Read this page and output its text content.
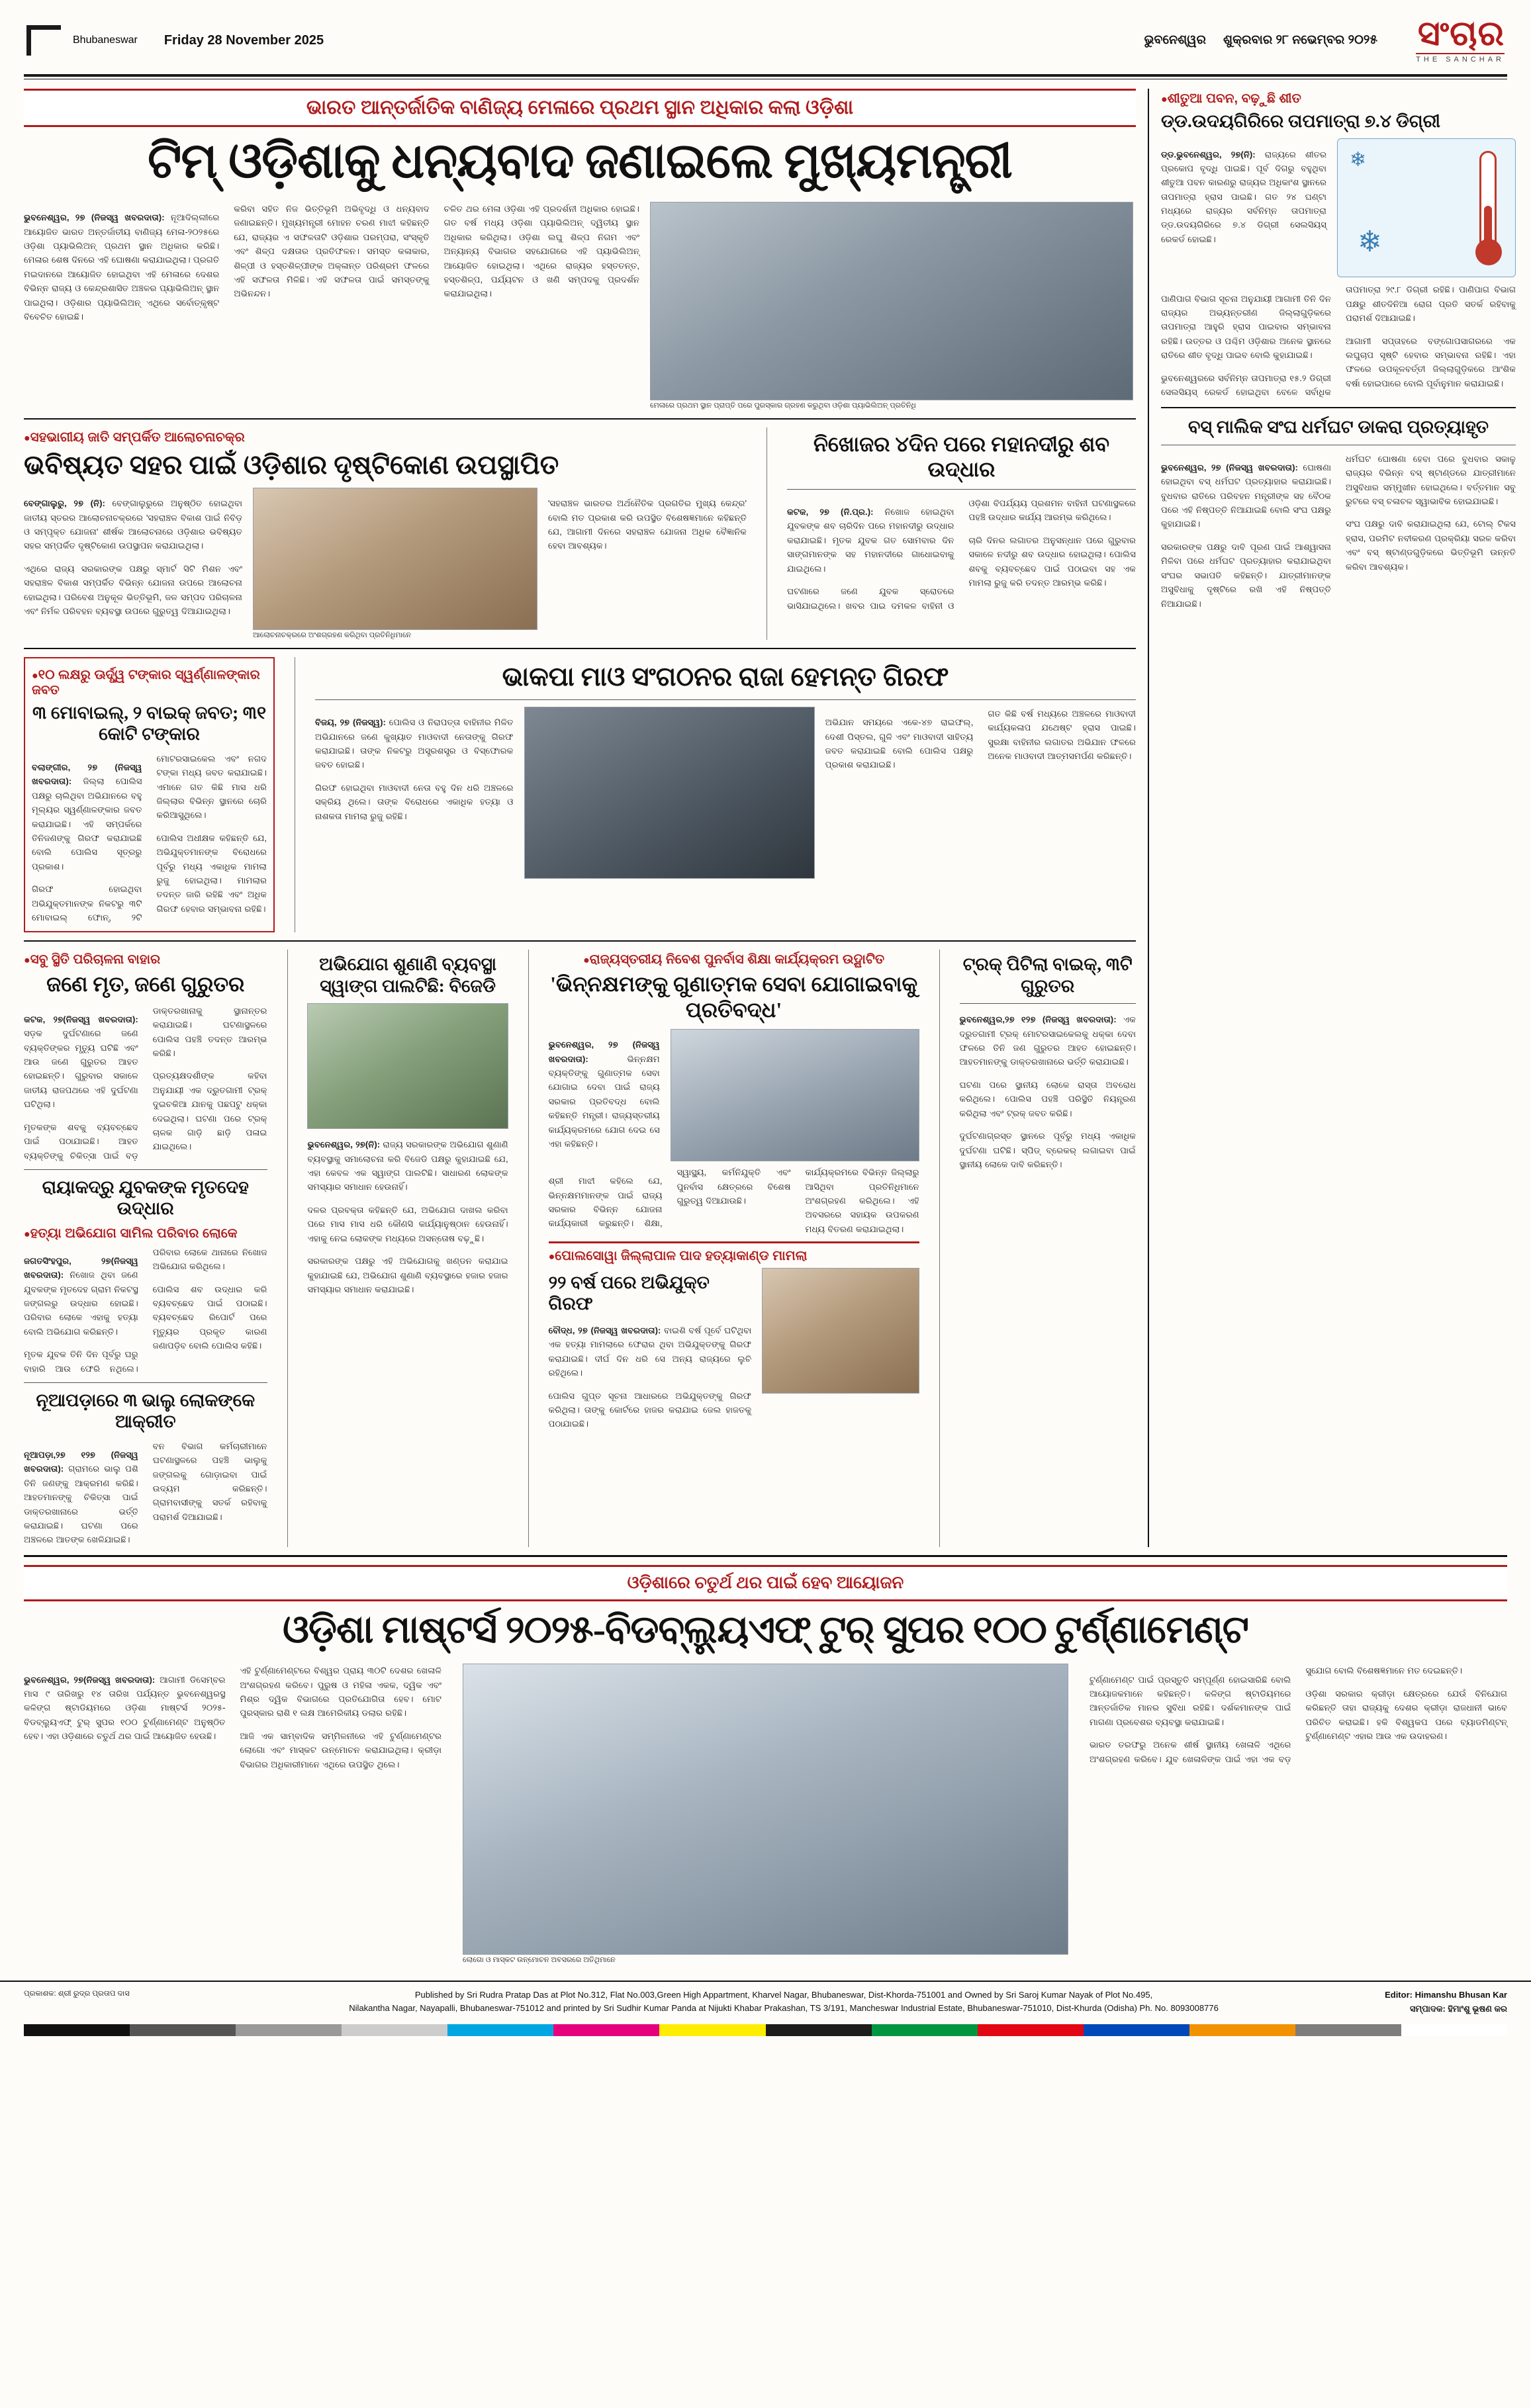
Bhubaneswar Friday 28 November 2025	ଭୁବନେଶ୍ୱର ଶୁକ୍ରବାର ୨୮ ନଭେମ୍ବର ୨୦୨୫ ସଂଚାର
THE SANCHAR
ଭାରତ ଆନ୍ତର୍ଜାତିକ ବାଣିଜ୍ୟ ମେଳାରେ ପ୍ରଥମ ସ୍ଥାନ ଅଧିକାର କଲା ଓଡ଼ିଶା
ଟିମ୍ ଓଡ଼ିଶାକୁ ଧନ୍ୟବାଦ ଜଣାଇଲେ ମୁଖ୍ୟମନ୍ତ୍ରୀ

ଭୁବନେଶ୍ୱର, ୨୭ (ନିଜସ୍ୱ ଖବରଦାତା): ନୂଆଦିଲ୍ଲୀରେ ଆୟୋଜିତ ଭାରତ ଅନ୍ତର୍ଜାତୀୟ ବାଣିଜ୍ୟ ମେଳା-୨୦୨୫ରେ ଓଡ଼ିଶା ପ୍ୟାଭିଲିଅନ୍ ପ୍ରଥମ ସ୍ଥାନ ଅଧିକାର କରିଛି। ମେଳାର ଶେଷ ଦିନରେ ଏହି ଘୋଷଣା କରାଯାଇଥିଲା। ପ୍ରଗତି ମଇଦାନରେ ଆୟୋଜିତ ହୋଇଥିବା ଏହି ମେଳାରେ ଦେଶର ବିଭିନ୍ନ ରାଜ୍ୟ ଓ କେନ୍ଦ୍ରଶାସିତ ଅଞ୍ଚଳର ପ୍ୟାଭିଲିଅନ୍ ସ୍ଥାନ ପାଇଥିଲା। ଓଡ଼ିଶାର ପ୍ୟାଭିଲିଅନ୍ ଏଥିରେ ସର୍ବୋତ୍କୃଷ୍ଟ ବିବେଚିତ ହୋଇଛି।

କରିବା ସହିତ ନିଜ ଭିତ୍ତିଭୂମି ଅଭିବୃଦ୍ଧି ଓ ଧନ୍ୟବାଦ ଜଣାଇଛନ୍ତି। ମୁଖ୍ୟମନ୍ତ୍ରୀ ମୋହନ ଚରଣ ମାଝୀ କହିଛନ୍ତି ଯେ, ରାଜ୍ୟର ଏ ସଫଳତାଟି ଓଡ଼ିଶାର ପରମ୍ପରା, ସଂସ୍କୃତି ଏବଂ ଶିଳ୍ପ ଦକ୍ଷତାର ପ୍ରତିଫଳନ। ସମସ୍ତ କଳାକାର, ଶିଳ୍ପୀ ଓ ହସ୍ତଶିଳ୍ପୀଙ୍କ ଅକ୍ଳାନ୍ତ ପରିଶ୍ରମ ଫଳରେ ଏହି ସଫଳତା ମିଳିଛି। ଏହି ସଫଳତା ପାଇଁ ସମସ୍ତଙ୍କୁ ଅଭିନନ୍ଦନ।

ଚଳିତ ଥର ମେଳା ଓଡ଼ିଶା ଏହି ପ୍ରଦର୍ଶନୀ ଅଧିକାର ହୋଇଛି। ଗତ ବର୍ଷ ମଧ୍ୟ ଓଡ଼ିଶା ପ୍ୟାଭିଲିଅନ୍ ଦ୍ୱିତୀୟ ସ୍ଥାନ ଅଧିକାର କରିଥିଲା। ଓଡ଼ିଶା ଲଘୁ ଶିଳ୍ପ ନିଗମ ଏବଂ ଅନ୍ୟାନ୍ୟ ବିଭାଗର ସହଯୋଗରେ ଏହି ପ୍ୟାଭିଲିଅନ୍ ଆୟୋଜିତ ହୋଇଥିଲା। ଏଥିରେ ରାଜ୍ୟର ହସ୍ତତନ୍ତ, ହସ୍ତଶିଳ୍ପ, ପର୍ଯ୍ୟଟନ ଓ ଖଣି ସମ୍ପଦକୁ ପ୍ରଦର୍ଶନ କରାଯାଇଥିଲା।

ମେଳାରେ ପ୍ରଥମ ସ୍ଥାନ ପ୍ରାପ୍ତି ପରେ ପୁରସ୍କାର ଗ୍ରହଣ କରୁଥିବା ଓଡ଼ିଶା ପ୍ୟାଭିଲିଅନ୍ ପ୍ରତିନିଧି
● ସହଭାଗୀୟ ଜାତି ସମ୍ପର୍କିତ ଆଲୋଚନାଚକ୍ର
ଭବିଷ୍ୟତ ସହର ପାଇଁ ଓଡ଼ିଶାର ଦୃଷ୍ଟିକୋଣ ଉପସ୍ଥାପିତ

ବେଙ୍ଗାଲୁରୁ, ୨୭ (ନି): ବେଙ୍ଗାଲୁରୁରେ ଅନୁଷ୍ଠିତ ହୋଇଥିବା ଜାତୀୟ ସ୍ତରର ଆଲୋଚନାଚକ୍ରରେ 'ସହରାଞ୍ଚଳ ବିକାଶ ପାଇଁ ନିବିଡ଼ ଓ ସମ୍ପୃକ୍ତ ଯୋଜନା' ଶୀର୍ଷକ ଆଲୋଚନାରେ ଓଡ଼ିଶାର ଭବିଷ୍ୟତ ସହର ସମ୍ପର୍କିତ ଦୃଷ୍ଟିକୋଣ ଉପସ୍ଥାପନ କରାଯାଇଥିଲା।

ଏଥିରେ ରାଜ୍ୟ ସରକାରଙ୍କ ପକ୍ଷରୁ ସ୍ମାର୍ଟ ସିଟି ମିଶନ ଏବଂ ସହରାଞ୍ଚଳ ବିକାଶ ସମ୍ପର୍କିତ ବିଭିନ୍ନ ଯୋଜନା ଉପରେ ଆଲୋଚନା ହୋଇଥିଲା। ପରିବେଶ ଅନୁକୂଳ ଭିତ୍ତିଭୂମି, ଜଳ ସମ୍ପଦ ପରିଚାଳନା ଏବଂ ନିର୍ମଳ ପରିବହନ ବ୍ୟବସ୍ଥା ଉପରେ ଗୁରୁତ୍ୱ ଦିଆଯାଇଥିଲା।

ଆଲୋଚନାଚକ୍ରରେ ଅଂଶଗ୍ରହଣ କରିଥିବା ପ୍ରତିନିଧିମାନେ

'ସହରାଞ୍ଚଳ ଭାରତର ଅର୍ଥନୈତିକ ପ୍ରଗତିର ମୁଖ୍ୟ କେନ୍ଦ୍ର' ବୋଲି ମତ ପ୍ରକାଶ କରି ଉପସ୍ଥିତ ବିଶେଷଜ୍ଞମାନେ କହିଛନ୍ତି ଯେ, ଆଗାମୀ ଦିନରେ ସହରାଞ୍ଚଳ ଯୋଜନା ଅଧିକ ବୈଜ୍ଞାନିକ ହେବା ଆବଶ୍ୟକ।

ନିଖୋଜର ୪ଦିନ ପରେ ମହାନଦୀରୁ ଶବ ଉଦ୍ଧାର

କଟକ, ୨୭ (ନି.ପ୍ର.): ନିଖୋଜ ହୋଇଥିବା ଯୁବକଙ୍କ ଶବ ଚାରିଦିନ ପରେ ମହାନଦୀରୁ ଉଦ୍ଧାର କରାଯାଇଛି। ମୃତକ ଯୁବକ ଗତ ସୋମବାର ଦିନ ସାଙ୍ଗମାନଙ୍କ ସହ ମହାନଦୀରେ ଗାଧୋଇବାକୁ ଯାଇଥିଲେ।

ଘଟଣାରେ ଜଣେ ଯୁବକ ସ୍ରୋତରେ ଭାସିଯାଇଥିଲେ। ଖବର ପାଇ ଦମକଳ ବାହିନୀ ଓ ଓଡ଼ିଶା ବିପର୍ଯ୍ୟୟ ପ୍ରଶମନ ବାହିନୀ ଘଟଣାସ୍ଥଳରେ ପହଞ୍ଚି ଉଦ୍ଧାର କାର୍ଯ୍ୟ ଆରମ୍ଭ କରିଥିଲେ।

ଚାରି ଦିନର ଲଗାତର ଅନୁସନ୍ଧାନ ପରେ ଗୁରୁବାର ସକାଳେ ନଦୀରୁ ଶବ ଉଦ୍ଧାର ହୋଇଥିଲା। ପୋଲିସ ଶବକୁ ବ୍ୟବଚ୍ଛେଦ ପାଇଁ ପଠାଇବା ସହ ଏକ ମାମଲା ରୁଜୁ କରି ତଦନ୍ତ ଆରମ୍ଭ କରିଛି।

● ୧୦ ଲକ୍ଷରୁ ଊର୍ଦ୍ଧ୍ୱ ଟଙ୍କାର ସ୍ୱର୍ଣ୍ଣାଳଙ୍କାର ଜବତ
୩ ମୋବାଇଲ୍, ୨ ବାଇକ୍ ଜବତ; ୩୧ କୋଟି ଟଙ୍କାର

ବଲାଙ୍ଗୀର, ୨୭ (ନିଜସ୍ୱ ଖବରଦାତା): ଜିଲ୍ଲା ପୋଲିସ ପକ୍ଷରୁ ଚାଲିଥିବା ଅଭିଯାନରେ ବହୁ ମୂଲ୍ୟର ସ୍ୱର୍ଣ୍ଣାଳଙ୍କାର ଜବତ କରାଯାଇଛି। ଏହି ସମ୍ପର୍କରେ ତିନିଜଣଙ୍କୁ ଗିରଫ କରାଯାଇଛି ବୋଲି ପୋଲିସ ସୂତ୍ରରୁ ପ୍ରକାଶ।

ଗିରଫ ହୋଇଥିବା ଅଭିଯୁକ୍ତମାନଙ୍କ ନିକଟରୁ ୩ଟି ମୋବାଇଲ୍ ଫୋନ୍, ୨ଟି ମୋଟରସାଇକେଲ ଏବଂ ନଗଦ ଟଙ୍କା ମଧ୍ୟ ଜବତ କରାଯାଇଛି। ଏମାନେ ଗତ କିଛି ମାସ ଧରି ଜିଲ୍ଲାର ବିଭିନ୍ନ ସ୍ଥାନରେ ଚୋରି କରିଆସୁଥିଲେ।

ପୋଲିସ ଅଧୀକ୍ଷକ କହିଛନ୍ତି ଯେ, ଅଭିଯୁକ୍ତମାନଙ୍କ ବିରୋଧରେ ପୂର୍ବରୁ ମଧ୍ୟ ଏକାଧିକ ମାମଲା ରୁଜୁ ହୋଇଥିଲା। ମାମଲାର ତଦନ୍ତ ଜାରି ରହିଛି ଏବଂ ଅଧିକ ଗିରଫ ହେବାର ସମ୍ଭାବନା ରହିଛି।

ଭାକପା ମାଓ ସଂଗଠନର ରାଜା ହେମନ୍ତ ଗିରଫ

ବିଜୟ, ୨୭ (ନିଜସ୍ୱ): ପୋଲିସ ଓ ନିରାପତ୍ତା ବାହିନୀର ମିଳିତ ଅଭିଯାନରେ ଜଣେ କୁଖ୍ୟାତ ମାଓବାଦୀ ନେତାଙ୍କୁ ଗିରଫ କରାଯାଇଛି। ତାଙ୍କ ନିକଟରୁ ଅସ୍ତ୍ରଶସ୍ତ୍ର ଓ ବିସ୍ଫୋରକ ଜବତ ହୋଇଛି।

ଗିରଫ ହୋଇଥିବା ମାଓବାଦୀ ନେତା ବହୁ ଦିନ ଧରି ଅଞ୍ଚଳରେ ସକ୍ରିୟ ଥିଲେ। ତାଙ୍କ ବିରୋଧରେ ଏକାଧିକ ହତ୍ୟା ଓ ନାଶକତା ମାମଲା ରୁଜୁ ରହିଛି।

ଅଭିଯାନ ସମୟରେ ଏକେ-୪୭ ରାଇଫଲ୍, ଦେଶୀ ପିସ୍ତଲ, ଗୁଳି ଏବଂ ମାଓବାଦୀ ସାହିତ୍ୟ ଜବତ କରାଯାଇଛି ବୋଲି ପୋଲିସ ପକ୍ଷରୁ ପ୍ରକାଶ କରାଯାଇଛି।

ଗତ କିଛି ବର୍ଷ ମଧ୍ୟରେ ଅଞ୍ଚଳରେ ମାଓବାଦୀ କାର୍ଯ୍ୟକଳାପ ଯଥେଷ୍ଟ ହ୍ରାସ ପାଇଛି। ସୁରକ୍ଷା ବାହିନୀର ଲଗାତର ଅଭିଯାନ ଫଳରେ ଅନେକ ମାଓବାଦୀ ଆତ୍ମସମର୍ପଣ କରିଛନ୍ତି।

● ସବୁ ସ୍ଥିତି ପରିଚାଳନା ବାହାର
ଜଣେ ମୃତ, ଜଣେ ଗୁରୁତର

କଟକ, ୨୭(ନିଜସ୍ୱ ଖବରଦାତା): ସଡ଼କ ଦୁର୍ଘଟଣାରେ ଜଣେ ବ୍ୟକ୍ତିଙ୍କର ମୃତ୍ୟୁ ଘଟିଛି ଏବଂ ଆଉ ଜଣେ ଗୁରୁତର ଆହତ ହୋଇଛନ୍ତି। ଗୁରୁବାର ସକାଳେ ଜାତୀୟ ରାଜପଥରେ ଏହି ଦୁର୍ଘଟଣା ଘଟିଥିଲା।

ମୃତକଙ୍କ ଶବକୁ ବ୍ୟବଚ୍ଛେଦ ପାଇଁ ପଠାଯାଇଛି। ଆହତ ବ୍ୟକ୍ତିଙ୍କୁ ଚିକିତ୍ସା ପାଇଁ ବଡ଼ ଡାକ୍ତରଖାନାକୁ ସ୍ଥାନାନ୍ତର କରାଯାଇଛି। ଘଟଣାସ୍ଥଳରେ ପୋଲିସ ପହଞ୍ଚି ତଦନ୍ତ ଆରମ୍ଭ କରିଛି।

ପ୍ରତ୍ୟକ୍ଷଦର୍ଶୀଙ୍କ କହିବା ଅନୁଯାୟୀ ଏକ ଦ୍ରୁତଗାମୀ ଟ୍ରକ୍ ଦୁଇଚକିଆ ଯାନକୁ ପଛପଟୁ ଧକ୍କା ଦେଇଥିଲା। ଘଟଣା ପରେ ଟ୍ରକ୍ ଚାଳକ ଗାଡ଼ି ଛାଡ଼ି ପଳାଇ ଯାଇଥିଲେ।

ରାୟାକଦ୍ରୁ ଯୁବକଙ୍କ ମୃତଦେହ ଉଦ୍ଧାର
● ହତ୍ୟା ଅଭିଯୋଗ ସାମିଲ ପରିବାର ଲୋକେ

ଜଗତସିଂହପୁର, ୨୭(ନିଜସ୍ୱ ଖବରଦାତା): ନିଖୋଜ ଥିବା ଜଣେ ଯୁବକଙ୍କ ମୃତଦେହ ଗ୍ରାମ ନିକଟସ୍ଥ ଜଙ୍ଗଲରୁ ଉଦ୍ଧାର ହୋଇଛି। ପରିବାର ଲୋକେ ଏହାକୁ ହତ୍ୟା ବୋଲି ଅଭିଯୋଗ କରିଛନ୍ତି।

ମୃତକ ଯୁବକ ତିନି ଦିନ ପୂର୍ବରୁ ଘରୁ ବାହାରି ଆଉ ଫେରି ନଥିଲେ। ପରିବାର ଲୋକେ ଥାନାରେ ନିଖୋଜ ଅଭିଯୋଗ କରିଥିଲେ।

ପୋଲିସ ଶବ ଉଦ୍ଧାର କରି ବ୍ୟବଚ୍ଛେଦ ପାଇଁ ପଠାଇଛି। ବ୍ୟବଚ୍ଛେଦ ରିପୋର୍ଟ ପରେ ମୃତ୍ୟୁର ପ୍ରକୃତ କାରଣ ଜଣାପଡ଼ିବ ବୋଲି ପୋଲିସ କହିଛି।

ନୂଆପଡ଼ାରେ ୩ ଭାଲୁ ଲୋକଙ୍କେ ଆକ୍ରୀତ

ନୂଆପଡ଼ା,୨୭ ୧୨୭ (ନିଜସ୍ୱ ଖବରଦାତା): ଗ୍ରାମରେ ଭାଲୁ ପଶି ତିନି ଜଣଙ୍କୁ ଆକ୍ରମଣ କରିଛି। ଆହତମାନଙ୍କୁ ଚିକିତ୍ସା ପାଇଁ ଡାକ୍ତରଖାନାରେ ଭର୍ତ୍ତି କରାଯାଇଛି। ଘଟଣା ପରେ ଅଞ୍ଚଳରେ ଆତଙ୍କ ଖେଳିଯାଇଛି।

ବନ ବିଭାଗ କର୍ମଚାରୀମାନେ ଘଟଣାସ୍ଥଳରେ ପହଞ୍ଚି ଭାଲୁକୁ ଜଙ୍ଗଲକୁ ଗୋଡ଼ାଇବା ପାଇଁ ଉଦ୍ୟମ କରିଛନ୍ତି। ଗ୍ରାମବାସୀଙ୍କୁ ସତର୍କ ରହିବାକୁ ପରାମର୍ଶ ଦିଆଯାଇଛି।

ଅଭିଯୋଗ ଶୁଣାଣି ବ୍ୟବସ୍ଥା ସ୍ୱାଙ୍ଗ ପାଲଟିଛି: ବିଜେଡି

ଭୁବନେଶ୍ୱର, ୨୭(ନି): ରାଜ୍ୟ ସରକାରଙ୍କ ଅଭିଯୋଗ ଶୁଣାଣି ବ୍ୟବସ୍ଥାକୁ ସମାଲୋଚନା କରି ବିଜେଡି ପକ୍ଷରୁ କୁହାଯାଇଛି ଯେ, ଏହା କେବଳ ଏକ ସ୍ୱାଙ୍ଗ ପାଲଟିଛି। ସାଧାରଣ ଲୋକଙ୍କ ସମସ୍ୟାର ସମାଧାନ ହେଉନାହିଁ।

ଦଳର ପ୍ରବକ୍ତା କହିଛନ୍ତି ଯେ, ଅଭିଯୋଗ ଦାଖଲ କରିବା ପରେ ମାସ ମାସ ଧରି କୌଣସି କାର୍ଯ୍ୟାନୁଷ୍ଠାନ ହେଉନାହିଁ। ଏହାକୁ ନେଇ ଲୋକଙ୍କ ମଧ୍ୟରେ ଅସନ୍ତୋଷ ବଢ଼ୁଛି।

ସରକାରଙ୍କ ପକ୍ଷରୁ ଏହି ଅଭିଯୋଗକୁ ଖଣ୍ଡନ କରାଯାଇ କୁହାଯାଇଛି ଯେ, ଅଭିଯୋଗ ଶୁଣାଣି ବ୍ୟବସ୍ଥାରେ ହଜାର ହଜାର ସମସ୍ୟାର ସମାଧାନ କରାଯାଇଛି।

● ରାଜ୍ୟସ୍ତରୀୟ ନିବେଶ ପୁନର୍ବାସ ଶିକ୍ଷା କାର୍ଯ୍ୟକ୍ରମ ଉଦ୍ଘାଟିତ
'ଭିନ୍ନକ୍ଷମଙ୍କୁ ଗୁଣାତ୍ମକ ସେବା ଯୋଗାଇବାକୁ ପ୍ରତିବଦ୍ଧ'

ଭୁବନେଶ୍ୱର, ୨୭ (ନିଜସ୍ୱ ଖବରଦାତା):	ଭିନ୍ନକ୍ଷମ ବ୍ୟକ୍ତିଙ୍କୁ ଗୁଣାତ୍ମକ ସେବା ଯୋଗାଇ ଦେବା ପାଇଁ ରାଜ୍ୟ ସରକାର ପ୍ରତିବଦ୍ଧ ବୋଲି କହିଛନ୍ତି ମନ୍ତ୍ରୀ। ରାଜ୍ୟସ୍ତରୀୟ କାର୍ଯ୍ୟକ୍ରମରେ ଯୋଗ ଦେଇ ସେ ଏହା କହିଛନ୍ତି।

ଶ୍ରୀ ମାଝୀ କହିଲେ ଯେ, ଭିନ୍ନକ୍ଷମମାନଙ୍କ ପାଇଁ ରାଜ୍ୟ ସରକାର ବିଭିନ୍ନ ଯୋଜନା କାର୍ଯ୍ୟକାରୀ କରୁଛନ୍ତି। ଶିକ୍ଷା, ସ୍ୱାସ୍ଥ୍ୟ, କର୍ମନିଯୁକ୍ତି ଏବଂ ପୁନର୍ବାସ କ୍ଷେତ୍ରରେ ବିଶେଷ ଗୁରୁତ୍ୱ ଦିଆଯାଉଛି।

କାର୍ଯ୍ୟକ୍ରମରେ ବିଭିନ୍ନ ଜିଲ୍ଲାରୁ ଆସିଥିବା ପ୍ରତିନିଧିମାନେ ଅଂଶଗ୍ରହଣ କରିଥିଲେ। ଏହି ଅବସରରେ ସହାୟକ ଉପକରଣ ମଧ୍ୟ ବିତରଣ କରାଯାଇଥିଲା।

● ପୋଲସୋୱା ଜିଲ୍ଲାପାଳ ପାଦ ହତ୍ୟାକାଣ୍ଡ ମାମଲା
୨୨ ବର୍ଷ ପରେ ଅଭିଯୁକ୍ତ ଗିରଫ

ବୌଦ୍ଧ, ୨୭ (ନିଜସ୍ୱ ଖବରଦାତା): ବାଇଶି ବର୍ଷ ପୂର୍ବେ ଘଟିଥିବା ଏକ ହତ୍ୟା ମାମଲାରେ ଫେରାର ଥିବା ଅଭିଯୁକ୍ତଙ୍କୁ ଗିରଫ କରାଯାଇଛି। ଦୀର୍ଘ ଦିନ ଧରି ସେ ଅନ୍ୟ ରାଜ୍ୟରେ ଲୁଚି ରହିଥିଲେ।

ପୋଲିସ ଗୁପ୍ତ ସୂଚନା ଆଧାରରେ ଅଭିଯୁକ୍ତଙ୍କୁ ଗିରଫ କରିଥିଲା। ତାଙ୍କୁ କୋର୍ଟରେ ହାଜର କରାଯାଇ ଜେଲ ହାଜତକୁ ପଠାଯାଇଛି।

ଟ୍ରକ୍ ପିଟିଲା ବାଇକ୍, ୩ଟି ଗୁରୁତର

ଭୁବନେଶ୍ୱର,୨୭ ୧୨୭ (ନିଜସ୍ୱ ଖବରଦାତା): ଏକ ଦ୍ରୁତଗାମୀ ଟ୍ରକ୍ ମୋଟରସାଇକେଲକୁ ଧକ୍କା ଦେବା ଫଳରେ ତିନି ଜଣ ଗୁରୁତର ଆହତ ହୋଇଛନ୍ତି। ଆହତମାନଙ୍କୁ ଡାକ୍ତରଖାନାରେ ଭର୍ତ୍ତି କରାଯାଇଛି।

ଘଟଣା ପରେ ସ୍ଥାନୀୟ ଲୋକେ ରାସ୍ତା ଅବରୋଧ କରିଥିଲେ। ପୋଲିସ ପହଞ୍ଚି ପରିସ୍ଥିତି ନିୟନ୍ତ୍ରଣ କରିଥିଲା ଏବଂ ଟ୍ରକ୍ ଜବତ କରିଛି।

ଦୁର୍ଘଟଣାଗ୍ରସ୍ତ ସ୍ଥାନରେ ପୂର୍ବରୁ ମଧ୍ୟ ଏକାଧିକ ଦୁର୍ଘଟଣା ଘଟିଛି। ସ୍ପିଡ୍ ବ୍ରେକର୍ ଲଗାଇବା ପାଇଁ ସ୍ଥାନୀୟ ଲୋକେ ଦାବି କରିଛନ୍ତି।

● ଶୀତୁଆ ପବନ, ବଢ଼ୁଛି ଶୀତ
ଡ୍ଡ.ଉଦୟଗିରିରେ ତାପମାତ୍ରା ୭.୪ ଡିଗ୍ରୀ

ଡ୍ଡ.ଭୁବନେଶ୍ୱର, ୨୭(ନି): ରାଜ୍ୟରେ ଶୀତର ପ୍ରକୋପ ବୃଦ୍ଧି ପାଇଛି। ପୂର୍ବ ଦିଗରୁ ବହୁଥିବା ଶୀତୁଆ ପବନ କାରଣରୁ ରାଜ୍ୟର ଅଧିକାଂଶ ସ୍ଥାନରେ ତାପମାତ୍ରା ହ୍ରାସ ପାଇଛି। ଗତ ୨୪ ଘଣ୍ଟା ମଧ୍ୟରେ ରାଜ୍ୟର ସର୍ବନିମ୍ନ ତାପମାତ୍ରା ଡ୍ଡ.ଉଦୟଗିରିରେ ୭.୪ ଡିଗ୍ରୀ ସେଲସିୟସ୍ ରେକର୍ଡ ହୋଇଛି।

❄
❄

ପାଣିପାଗ ବିଭାଗ ସୂଚନା ଅନୁଯାୟୀ ଆଗାମୀ ତିନି ଦିନ ରାଜ୍ୟର ଅଭ୍ୟନ୍ତରୀଣ ଜିଲ୍ଲାଗୁଡ଼ିକରେ ତାପମାତ୍ରା ଆହୁରି ହ୍ରାସ ପାଇବାର ସମ୍ଭାବନା ରହିଛି। ଉତ୍ତର ଓ ପଶ୍ଚିମ ଓଡ଼ିଶାର ଅନେକ ସ୍ଥାନରେ ରାତିରେ ଶୀତ ବୃଦ୍ଧି ପାଇବ ବୋଲି କୁହାଯାଇଛି।

ଭୁବନେଶ୍ୱରରେ ସର୍ବନିମ୍ନ ତାପମାତ୍ରା ୧୫.୨ ଡିଗ୍ରୀ ସେଲସିୟସ୍ ରେକର୍ଡ ହୋଇଥିବା ବେଳେ ସର୍ବାଧିକ ତାପମାତ୍ରା ୨୯.୮ ଡିଗ୍ରୀ ରହିଛି। ପାଣିପାଗ ବିଭାଗ ପକ୍ଷରୁ ଶୀତଦିନିଆ ରୋଗ ପ୍ରତି ସତର୍କ ରହିବାକୁ ପରାମର୍ଶ ଦିଆଯାଇଛି।

ଆଗାମୀ ସପ୍ତାହରେ ବଙ୍ଗୋପସାଗରରେ ଏକ ଲଘୁଚାପ ସୃଷ୍ଟି ହେବାର ସମ୍ଭାବନା ରହିଛି। ଏହା ଫଳରେ ଉପକୂଳବର୍ତ୍ତୀ ଜିଲ୍ଲାଗୁଡ଼ିକରେ ଆଂଶିକ ବର୍ଷା ହୋଇପାରେ ବୋଲି ପୂର୍ବାନୁମାନ କରାଯାଇଛି।

ବସ୍ ମାଲିକ ସଂଘ ଧର୍ମଘଟ ଡାକରା ପ୍ରତ୍ୟାହୃତ

ଭୁବନେଶ୍ୱର, ୨୭ (ନିଜସ୍ୱ ଖବରଦାତା): ଘୋଷଣା ହୋଇଥିବା ବସ୍ ଧର୍ମଘଟ ପ୍ରତ୍ୟାହାର କରାଯାଇଛି। ବୁଧବାର ରାତିରେ ପରିବହନ ମନ୍ତ୍ରୀଙ୍କ ସହ ବୈଠକ ପରେ ଏହି ନିଷ୍ପତ୍ତି ନିଆଯାଇଛି ବୋଲି ସଂଘ ପକ୍ଷରୁ କୁହାଯାଇଛି।

ସରକାରଙ୍କ ପକ୍ଷରୁ ଦାବି ପୂରଣ ପାଇଁ ଆଶ୍ୱାସନା ମିଳିବା ପରେ ଧର୍ମଘଟ ପ୍ରତ୍ୟାହାର କରାଯାଇଥିବା ସଂଘର ସଭାପତି କହିଛନ୍ତି। ଯାତ୍ରୀମାନଙ୍କ ଅସୁବିଧାକୁ ଦୃଷ୍ଟିରେ ରଖି ଏହି ନିଷ୍ପତ୍ତି ନିଆଯାଇଛି।

ଧର୍ମଘଟ ଘୋଷଣା ହେବା ପରେ ବୁଧବାର ସକାଳୁ ରାଜ୍ୟର ବିଭିନ୍ନ ବସ୍ ଷ୍ଟାଣ୍ଡରେ ଯାତ୍ରୀମାନେ ଅସୁବିଧାର ସମ୍ମୁଖୀନ ହୋଇଥିଲେ। ବର୍ତ୍ତମାନ ସବୁ ରୁଟରେ ବସ୍ ଚଳାଚଳ ସ୍ୱାଭାବିକ ହୋଇଯାଇଛି।

ସଂଘ ପକ୍ଷରୁ ଦାବି କରାଯାଇଥିଲା ଯେ, ଟୋଲ୍ ଟିକସ ହ୍ରାସ, ପରମିଟ ନବୀକରଣ ପ୍ରକ୍ରିୟା ସରଳ କରିବା ଏବଂ ବସ୍ ଷ୍ଟାଣ୍ଡଗୁଡ଼ିକରେ ଭିତ୍ତିଭୂମି ଉନ୍ନତି କରିବା ଆବଶ୍ୟକ।

ଓଡ଼ିଶାରେ ଚତୁର୍ଥ ଥର ପାଇଁ ହେବ ଆୟୋଜନ
ଓଡ଼ିଶା ମାଷ୍ଟର୍ସ ୨୦୨୫-ବିଡବ୍ଲ୍ୟୁଏଫ୍ ଟୁର୍ ସୁପର ୧୦୦ ଟୁର୍ଣ୍ଣାମେଣ୍ଟ

ଭୁବନେଶ୍ୱର, ୨୭(ନିଜସ୍ୱ ଖବରଦାତା): ଆଗାମୀ ଡିସେମ୍ବର ମାସ ୯ ତାରିଖରୁ ୧୪ ତାରିଖ ପର୍ଯ୍ୟନ୍ତ ଭୁବନେଶ୍ୱରସ୍ଥ କଳିଙ୍ଗ ଷ୍ଟାଡିୟମରେ ଓଡ଼ିଶା ମାଷ୍ଟର୍ସ ୨୦୨୫-ବିଡବ୍ଲ୍ୟୁଏଫ୍ ଟୁର୍ ସୁପର ୧୦୦ ଟୁର୍ଣ୍ଣାମେଣ୍ଟ ଅନୁଷ୍ଠିତ ହେବ। ଏହା ଓଡ଼ିଶାରେ ଚତୁର୍ଥ ଥର ପାଇଁ ଆୟୋଜିତ ହେଉଛି।

ଏହି ଟୁର୍ଣ୍ଣାମେଣ୍ଟରେ ବିଶ୍ୱର ପ୍ରାୟ ୩୦ଟି ଦେଶର ଖେଳାଳି ଅଂଶଗ୍ରହଣ କରିବେ। ପୁରୁଷ ଓ ମହିଳା ଏକକ, ଦ୍ୱିକ ଏବଂ ମିଶ୍ର ଦ୍ୱିକ ବିଭାଗରେ ପ୍ରତିଯୋଗିତା ହେବ। ମୋଟ ପୁରସ୍କାର ରାଶି ୧ ଲକ୍ଷ ଆମେରିକୀୟ ଡଲାର ରହିଛି।

ଆଜି ଏକ ସାମ୍ବାଦିକ ସମ୍ମିଳନୀରେ ଏହି ଟୁର୍ଣ୍ଣାମେଣ୍ଟର ଲୋଗୋ ଏବଂ ମାସ୍କଟ ଉନ୍ମୋଚନ କରାଯାଇଥିଲା। କ୍ରୀଡ଼ା ବିଭାଗର ଅଧିକାରୀମାନେ ଏଥିରେ ଉପସ୍ଥିତ ଥିଲେ।

ଲୋଗୋ ଓ ମାସ୍କଟ ଉନ୍ମୋଚନ ଅବସରରେ ଅତିଥିମାନେ

ଟୁର୍ଣ୍ଣାମେଣ୍ଟ ପାଇଁ ପ୍ରସ୍ତୁତି ସମ୍ପୂର୍ଣ୍ଣ ହୋଇସାରିଛି ବୋଲି ଆୟୋଜକମାନେ କହିଛନ୍ତି। କଳିଙ୍ଗ ଷ୍ଟାଡିୟମରେ ଆନ୍ତର୍ଜାତିକ ମାନର ସୁବିଧା ରହିଛି। ଦର୍ଶକମାନଙ୍କ ପାଇଁ ମାଗଣା ପ୍ରବେଶର ବ୍ୟବସ୍ଥା କରାଯାଇଛି।

ଭାରତ ତରଫରୁ ଅନେକ ଶୀର୍ଷ ସ୍ଥାନୀୟ ଖେଳାଳି ଏଥିରେ ଅଂଶଗ୍ରହଣ କରିବେ। ଯୁବ ଖେଳାଳିଙ୍କ ପାଇଁ ଏହା ଏକ ବଡ଼ ସୁଯୋଗ ବୋଲି ବିଶେଷଜ୍ଞମାନେ ମତ ଦେଇଛନ୍ତି।

ଓଡ଼ିଶା ସରକାର କ୍ରୀଡ଼ା କ୍ଷେତ୍ରରେ ଯେଉଁ ବିନିଯୋଗ କରିଛନ୍ତି ତାହା ରାଜ୍ୟକୁ ଦେଶର କ୍ରୀଡ଼ା ରାଜଧାନୀ ଭାବେ ପରିଚିତ କରାଇଛି। ହକି ବିଶ୍ୱକପ ପରେ ବ୍ୟାଡମିଣ୍ଟନ୍ ଟୁର୍ଣ୍ଣାମେଣ୍ଟ ଏହାର ଆଉ ଏକ ଉଦାହରଣ।

ପ୍ରକାଶକ: ଶ୍ରୀ ରୁଦ୍ର ପ୍ରତାପ ଦାସ	Published by Sri Rudra Pratap Das at Plot No.312, Flat No.003,Green High Appartment, Kharvel Nagar, Bhubaneswar, Dist-Khorda-751001 and Owned by Sri Saroj Kumar Nayak of Plot No.495,
Nilakantha Nagar, Nayapalli, Bhubaneswar-751012 and printed by Sri Sudhir Kumar Panda at Nijukti Khabar Prakashan, TS 3/191, Mancheswar Industrial Estate, Bhubaneswar-751010, Dist-Khurda (Odisha) Ph. No. 8093008776
Editor: Himanshu Bhusan Kar
ସମ୍ପାଦକ: ହିମାଂଶୁ ଭୂଷଣ କର
